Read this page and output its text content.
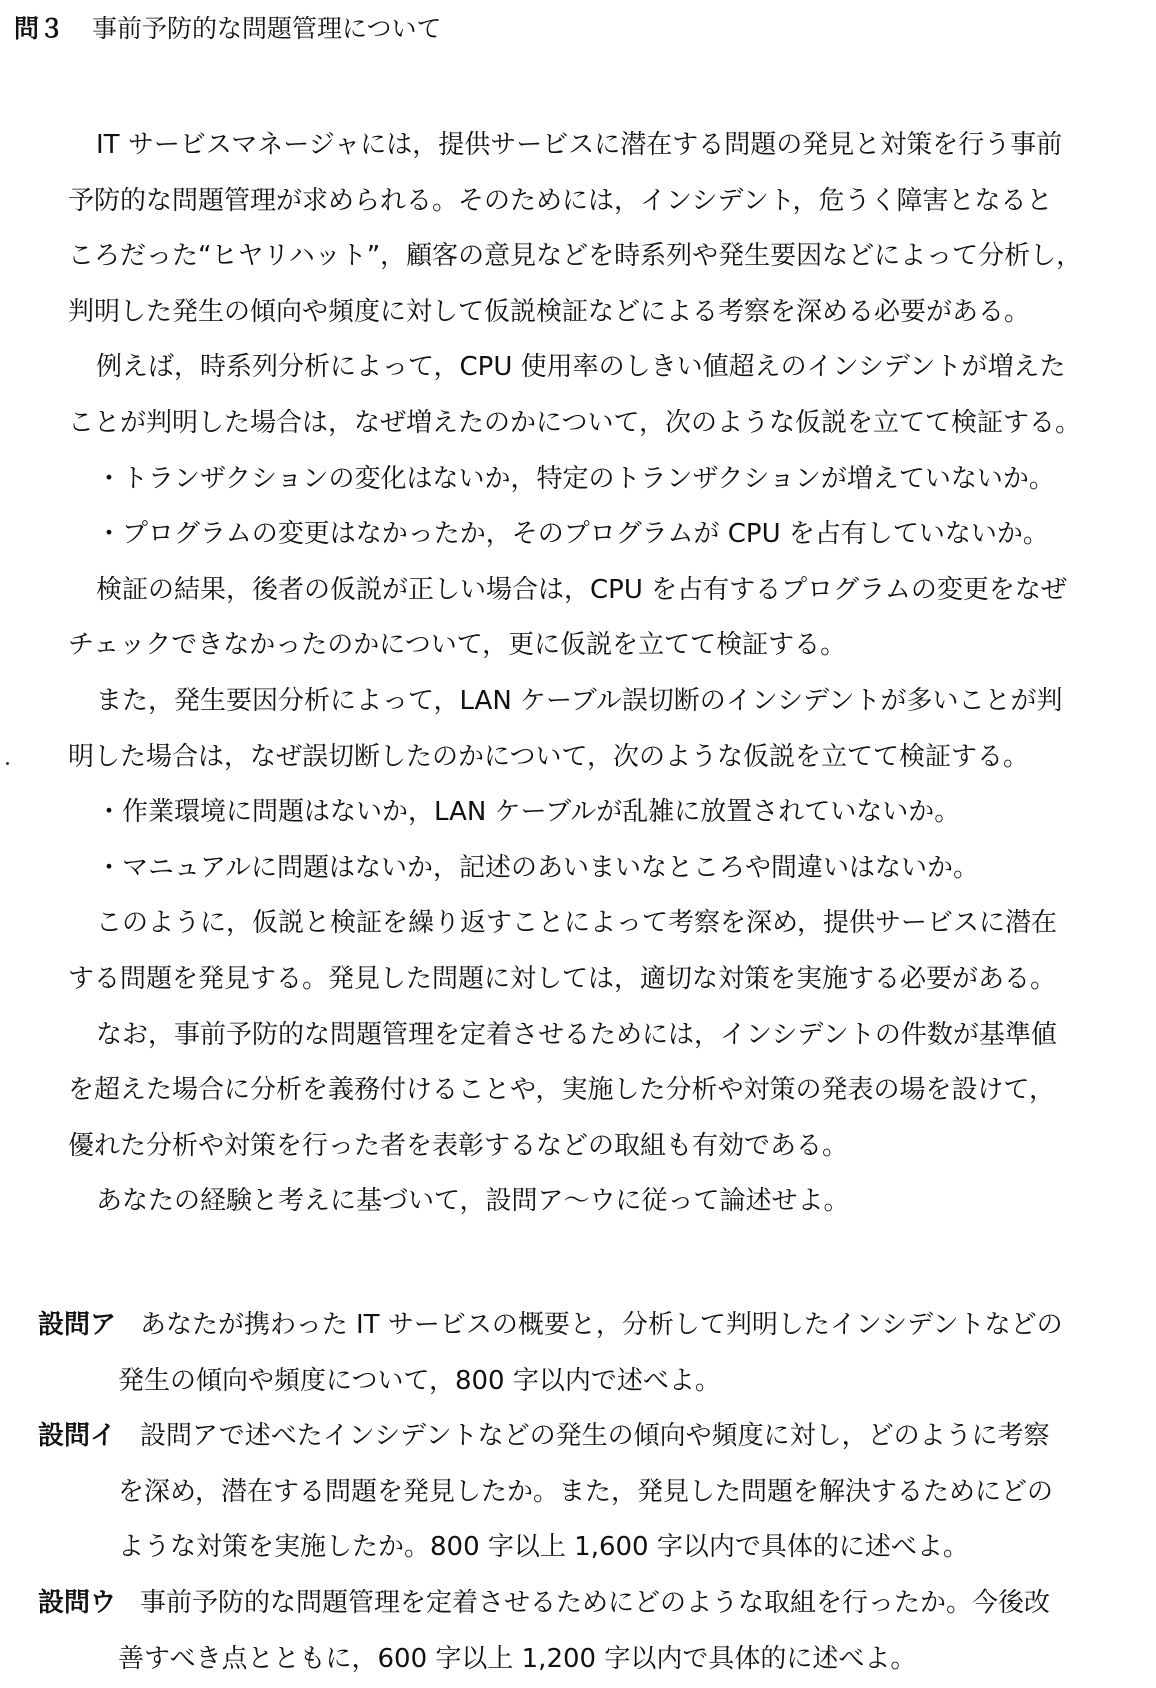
問３ 事前予防的な問題管理について
IT サービスマネージャには，提供サービスに潜在する問題の発見と対策を行う事前
予防的な問題管理が求められる。そのためには，インシデント，危うく障害となると
ころだった“ヒヤリハット”，顧客の意見などを時系列や発生要因などによって分析し，
判明した発生の傾向や頻度に対して仮説検証などによる考察を深める必要がある。
例えば，時系列分析によって，CPU 使用率のしきい値超えのインシデントが増えた
ことが判明した場合は，なぜ増えたのかについて，次のような仮説を立てて検証する。
・トランザクションの変化はないか，特定のトランザクションが増えていないか。
・プログラムの変更はなかったか，そのプログラムが CPU を占有していないか。
検証の結果，後者の仮説が正しい場合は，CPU を占有するプログラムの変更をなぜ
チェックできなかったのかについて，更に仮説を立てて検証する。
また，発生要因分析によって，LAN ケーブル誤切断のインシデントが多いことが判
明した場合は，なぜ誤切断したのかについて，次のような仮説を立てて検証する。
・作業環境に問題はないか，LAN ケーブルが乱雑に放置されていないか。
・マニュアルに問題はないか，記述のあいまいなところや間違いはないか。
このように，仮説と検証を繰り返すことによって考察を深め，提供サービスに潜在
する問題を発見する。発見した問題に対しては，適切な対策を実施する必要がある。
なお，事前予防的な問題管理を定着させるためには，インシデントの件数が基準値
を超えた場合に分析を義務付けることや，実施した分析や対策の発表の場を設けて，
優れた分析や対策を行った者を表彰するなどの取組も有効である。
あなたの経験と考えに基づいて，設問ア～ウに従って論述せよ。
設問ア あなたが携わった IT サービスの概要と，分析して判明したインシデントなどの
発生の傾向や頻度について，800 字以内で述べよ。
設問イ 設問アで述べたインシデントなどの発生の傾向や頻度に対し，どのように考察
を深め，潜在する問題を発見したか。また，発見した問題を解決するためにどの
ような対策を実施したか。800 字以上 1,600 字以内で具体的に述べよ。
設問ウ 事前予防的な問題管理を定着させるためにどのような取組を行ったか。今後改
善すべき点とともに，600 字以上 1,200 字以内で具体的に述べよ。
